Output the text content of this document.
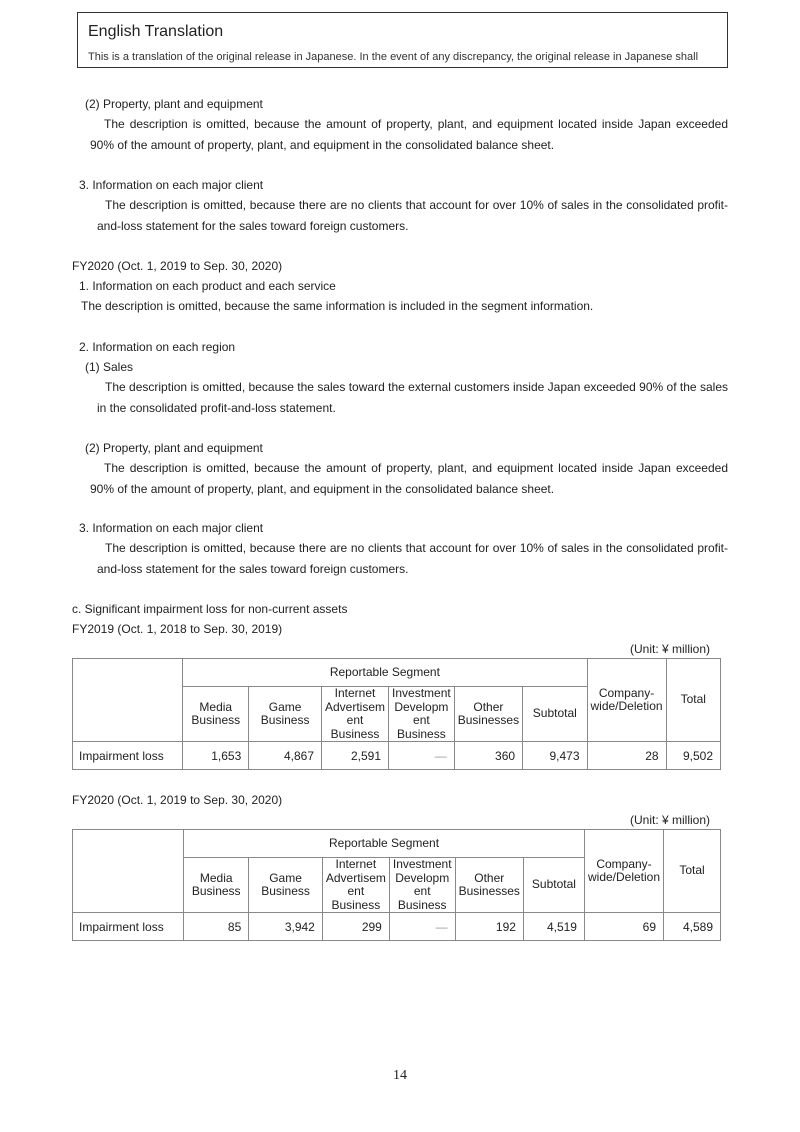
English Translation
This is a translation of the original release in Japanese. In the event of any discrepancy, the original release in Japanese shall
(2) Property, plant and equipment
The description is omitted, because the amount of property, plant, and equipment located inside Japan exceeded 90% of the amount of property, plant, and equipment in the consolidated balance sheet.
3. Information on each major client
The description is omitted, because there are no clients that account for over 10% of sales in the consolidated profit-and-loss statement for the sales toward foreign customers.
FY2020 (Oct. 1, 2019 to Sep. 30, 2020)
1. Information on each product and each service
The description is omitted, because the same information is included in the segment information.
2. Information on each region
(1) Sales
The description is omitted, because the sales toward the external customers inside Japan exceeded 90% of the sales in the consolidated profit-and-loss statement.
(2) Property, plant and equipment
The description is omitted, because the amount of property, plant, and equipment located inside Japan exceeded 90% of the amount of property, plant, and equipment in the consolidated balance sheet.
3. Information on each major client
The description is omitted, because there are no clients that account for over 10% of sales in the consolidated profit-and-loss statement for the sales toward foreign customers.
c. Significant impairment loss for non-current assets
FY2019 (Oct. 1, 2018 to Sep. 30, 2019)
(Unit: ¥ million)
	Reportable Segment						Company- wide/Deletion	Total
	Media Business	Game Business	Internet Advertisem ent Business	Investment Developm ent Business	Other Businesses	Subtotal		
Impairment loss	1,653	4,867	2,591	—	360	9,473	28	9,502
FY2020 (Oct. 1, 2019 to Sep. 30, 2020)
(Unit: ¥ million)
	Reportable Segment						Company- wide/Deletion	Total
	Media Business	Game Business	Internet Advertisem ent Business	Investment Developm ent Business	Other Businesses	Subtotal		
Impairment loss	85	3,942	299	—	192	4,519	69	4,589
14
